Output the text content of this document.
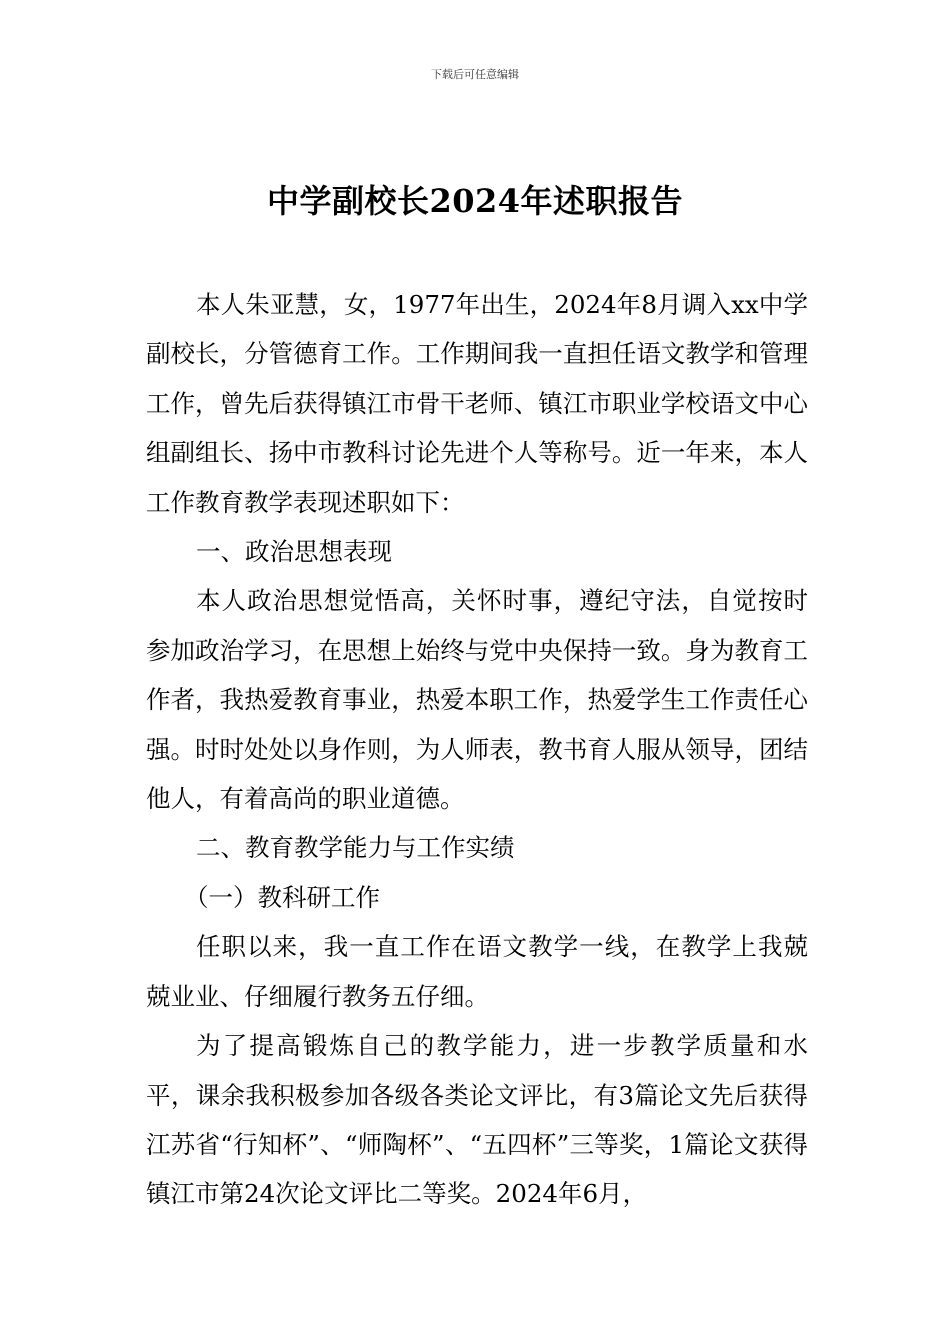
下载后可任意编辑
中学副校长2024年述职报告

本人朱亚慧，女，1977年出生，2024年8月调入xx中学副校长，分管德育工作。工作期间我一直担任语文教学和管理工作，曾先后获得镇江市骨干老师、镇江市职业学校语文中心组副组长、扬中市教科讨论先进个人等称号。近一年来，本人工作教育教学表现述职如下：

一、政治思想表现

本人政治思想觉悟高，关怀时事，遵纪守法，自觉按时参加政治学习，在思想上始终与党中央保持一致。身为教育工作者，我热爱教育事业，热爱本职工作，热爱学生工作责任心强。时时处处以身作则，为人师表，教书育人服从领导，团结他人，有着高尚的职业道德。

二、教育教学能力与工作实绩

（一）教科研工作

任职以来，我一直工作在语文教学一线，在教学上我兢兢业业、仔细履行教务五仔细。

为了提高锻炼自己的教学能力，进一步教学质量和水平，课余我积极参加各级各类论文评比，有3篇论文先后获得江苏省“行知杯”、“师陶杯”、“五四杯”三等奖，1篇论文获得镇江市第24次论文评比二等奖。2024年6月，
